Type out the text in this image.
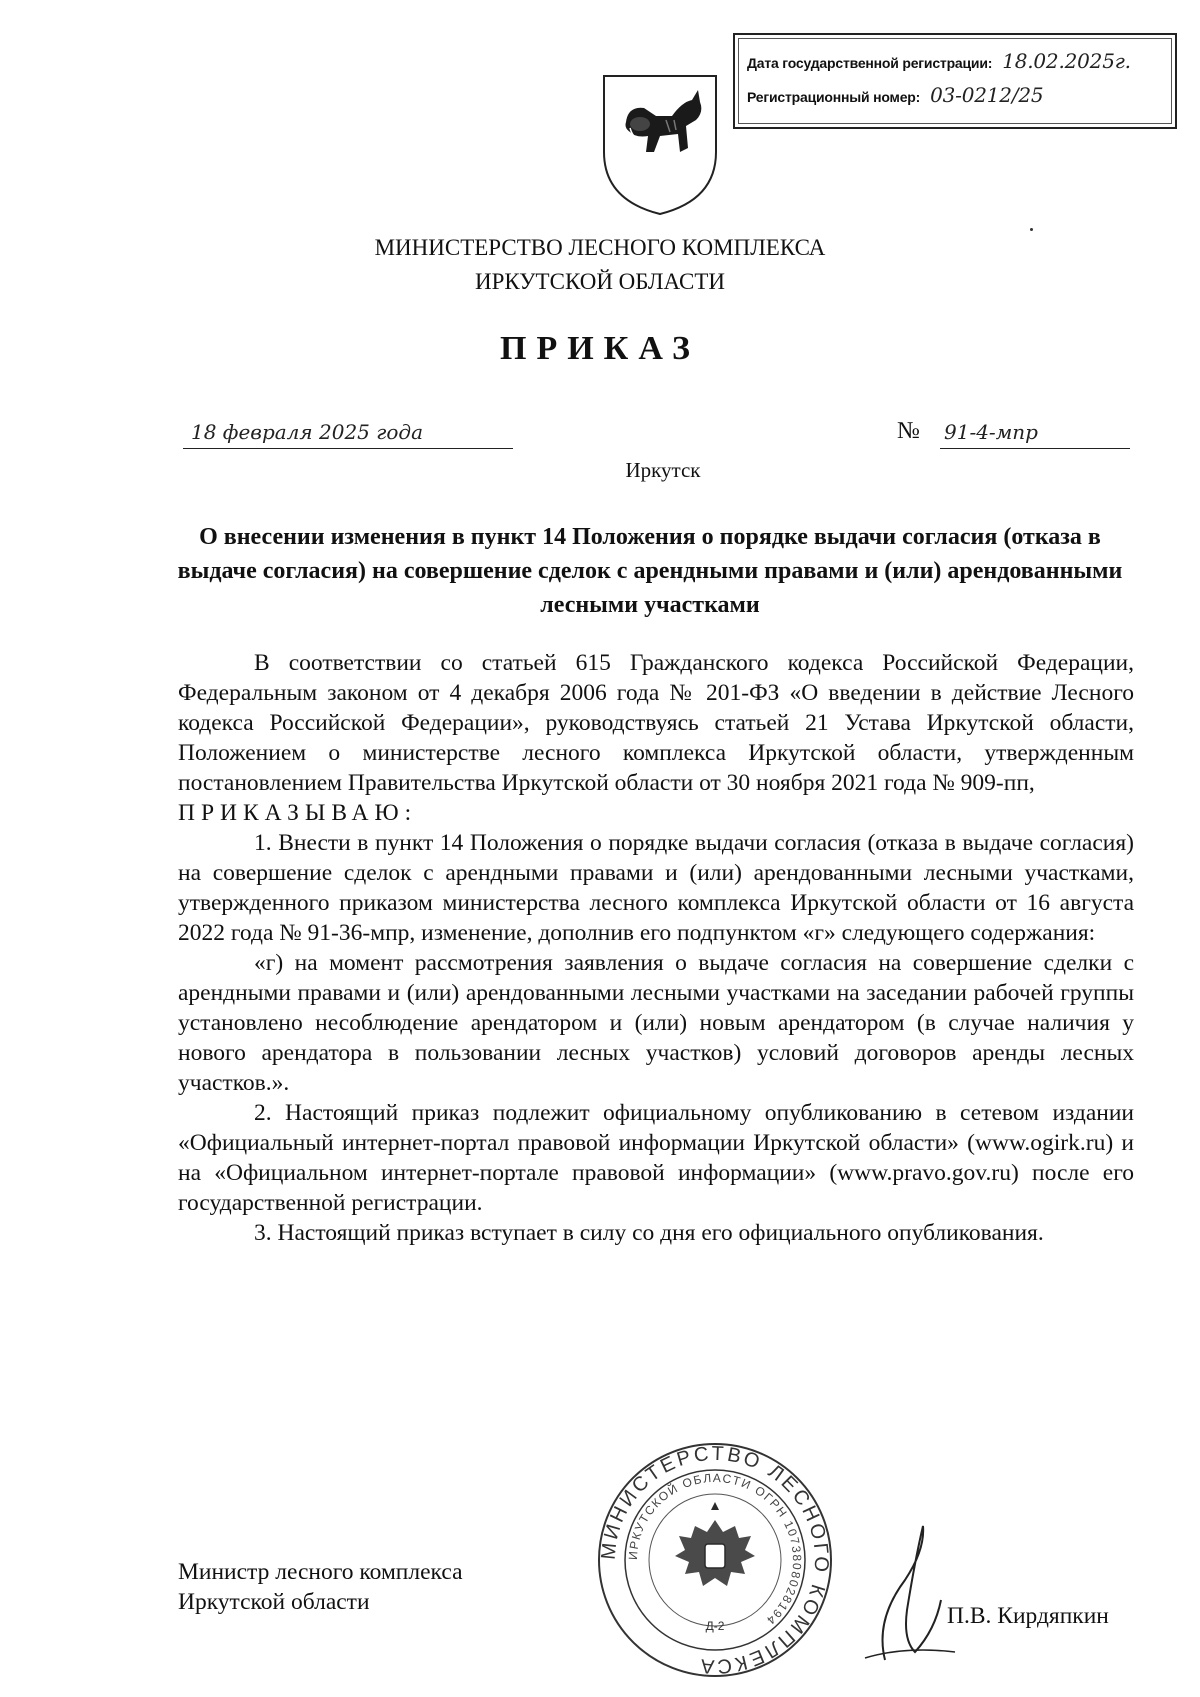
Дата государственной регистрации: 18.02.2025г.
Регистрационный номер: 03-0212/25
МИНИСТЕРСТВО ЛЕСНОГО КОМПЛЕКСА
ИРКУТСКОЙ ОБЛАСТИ
ПРИКАЗ
18 февраля 2025 года	№ 91-4-мпр
Иркутск
О внесении изменения в пункт 14 Положения о порядке выдачи согласия (отказа в выдаче согласия) на совершение сделок с арендными правами и (или) арендованными лесными участками

В соответствии со статьей 615 Гражданского кодекса Российской Федерации, Федеральным законом от 4 декабря 2006 года № 201-ФЗ «О введении в действие Лесного кодекса Российской Федерации», руководствуясь статьей 21 Устава Иркутской области, Положением о министерстве лесного комплекса Иркутской области, утвержденным постановлением Правительства Иркутской области от 30 ноября 2021 года № 909-пп,

ПРИКАЗЫВАЮ:

1. Внести в пункт 14 Положения о порядке выдачи согласия (отказа в выдаче согласия) на совершение сделок с арендными правами и (или) арендованными лесными участками, утвержденного приказом министерства лесного комплекса Иркутской области от 16 августа 2022 года № 91-36-мпр, изменение, дополнив его подпунктом «г» следующего содержания:

«г) на момент рассмотрения заявления о выдаче согласия на совершение сделки с арендными правами и (или) арендованными лесными участками на заседании рабочей группы установлено несоблюдение арендатором и (или) новым арендатором (в случае наличия у нового арендатора в пользовании лесных участков) условий договоров аренды лесных участков.».

2. Настоящий приказ подлежит официальному опубликованию в сетевом издании «Официальный интернет-портал правовой информации Иркутской области» (www.ogirk.ru) и на «Официальном интернет-портале правовой информации» (www.pravo.gov.ru) после его государственной регистрации.

3. Настоящий приказ вступает в силу со дня его официального опубликования.

МИНИСТЕРСТВО ЛЕСНОГО КОМПЛЕКСА
ИРКУТСКОЙ ОБЛАСТИ ОГРН 1073808028194
Д-2
Министр лесного комплекса
Иркутской области
П.В. Кирдяпкин
